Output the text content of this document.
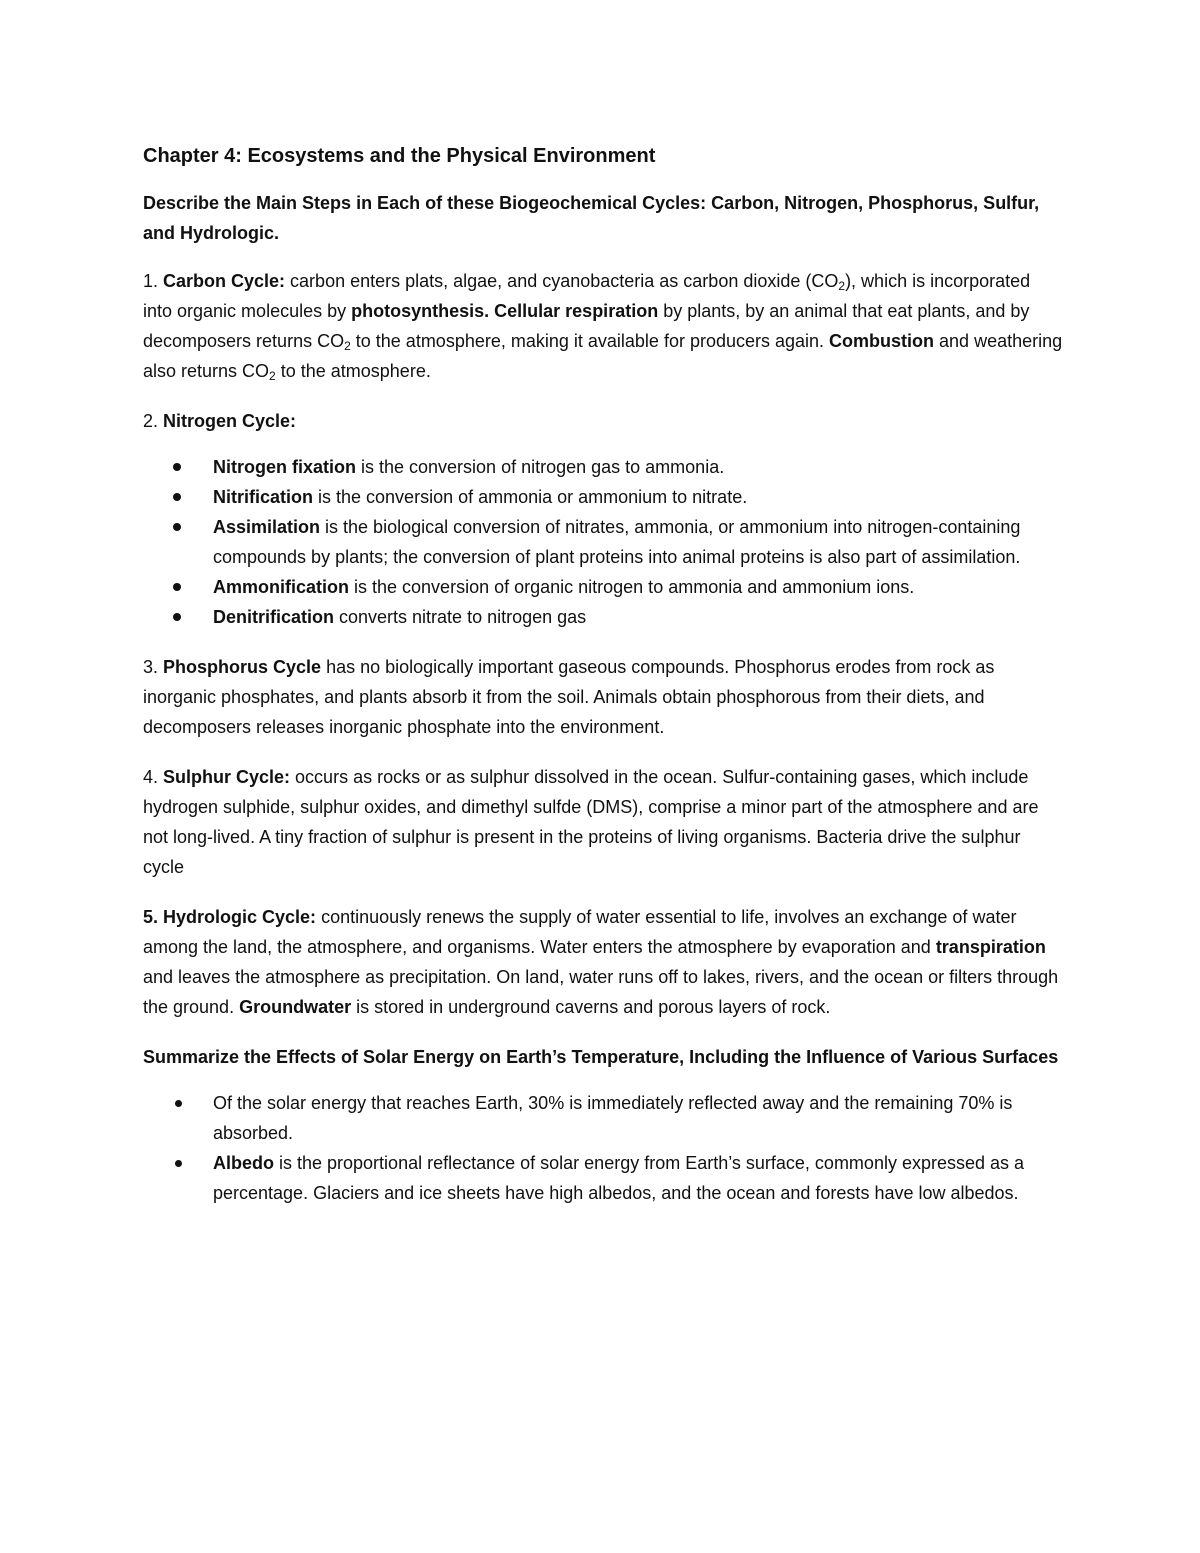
Chapter 4: Ecosystems and the Physical Environment
Describe the Main Steps in Each of these Biogeochemical Cycles: Carbon, Nitrogen, Phosphorus, Sulfur, and Hydrologic.

1. Carbon Cycle: carbon enters plats, algae, and cyanobacteria as carbon dioxide $(CO_2)$, which is incorporated into organic molecules by photosynthesis. Cellular respiration by plants, by an animal that eat plants, and by decomposers returns $CO_2$ to the atmosphere, making it available for producers again. Combustion and weathering also returns $CO_2$ to the atmosphere.

2. Nitrogen Cycle:

Nitrogen fixation is the conversion of nitrogen gas to ammonia.
Nitrification is the conversion of ammonia or ammonium to nitrate.
Assimilation is the biological conversion of nitrates, ammonia, or ammonium into nitrogen-containing compounds by plants; the conversion of plant proteins into animal proteins is also part of assimilation.
Ammonification is the conversion of organic nitrogen to ammonia and ammonium ions.
Denitrification converts nitrate to nitrogen gas

3. Phosphorus Cycle has no biologically important gaseous compounds. Phosphorus erodes from rock as inorganic phosphates, and plants absorb it from the soil. Animals obtain phosphorous from their diets, and decomposers releases inorganic phosphate into the environment.

4. Sulphur Cycle: occurs as rocks or as sulphur dissolved in the ocean. Sulfur-containing gases, which include hydrogen sulphide, sulphur oxides, and dimethyl sulfde (DMS), comprise a minor part of the atmosphere and are not long-lived. A tiny fraction of sulphur is present in the proteins of living organisms. Bacteria drive the sulphur cycle

5. Hydrologic Cycle: continuously renews the supply of water essential to life, involves an exchange of water among the land, the atmosphere, and organisms. Water enters the atmosphere by evaporation and transpiration and leaves the atmosphere as precipitation. On land, water runs off to lakes, rivers, and the ocean or filters through the ground. Groundwater is stored in underground caverns and porous layers of rock.

Summarize the Effects of Solar Energy on Earth’s Temperature, Including the Influence of Various Surfaces
Of the solar energy that reaches Earth, 30% is immediately reflected away and the remaining 70% is absorbed.
Albedo is the proportional reflectance of solar energy from Earth’s surface, commonly expressed as a percentage. Glaciers and ice sheets have high albedos, and the ocean and forests have low albedos.
